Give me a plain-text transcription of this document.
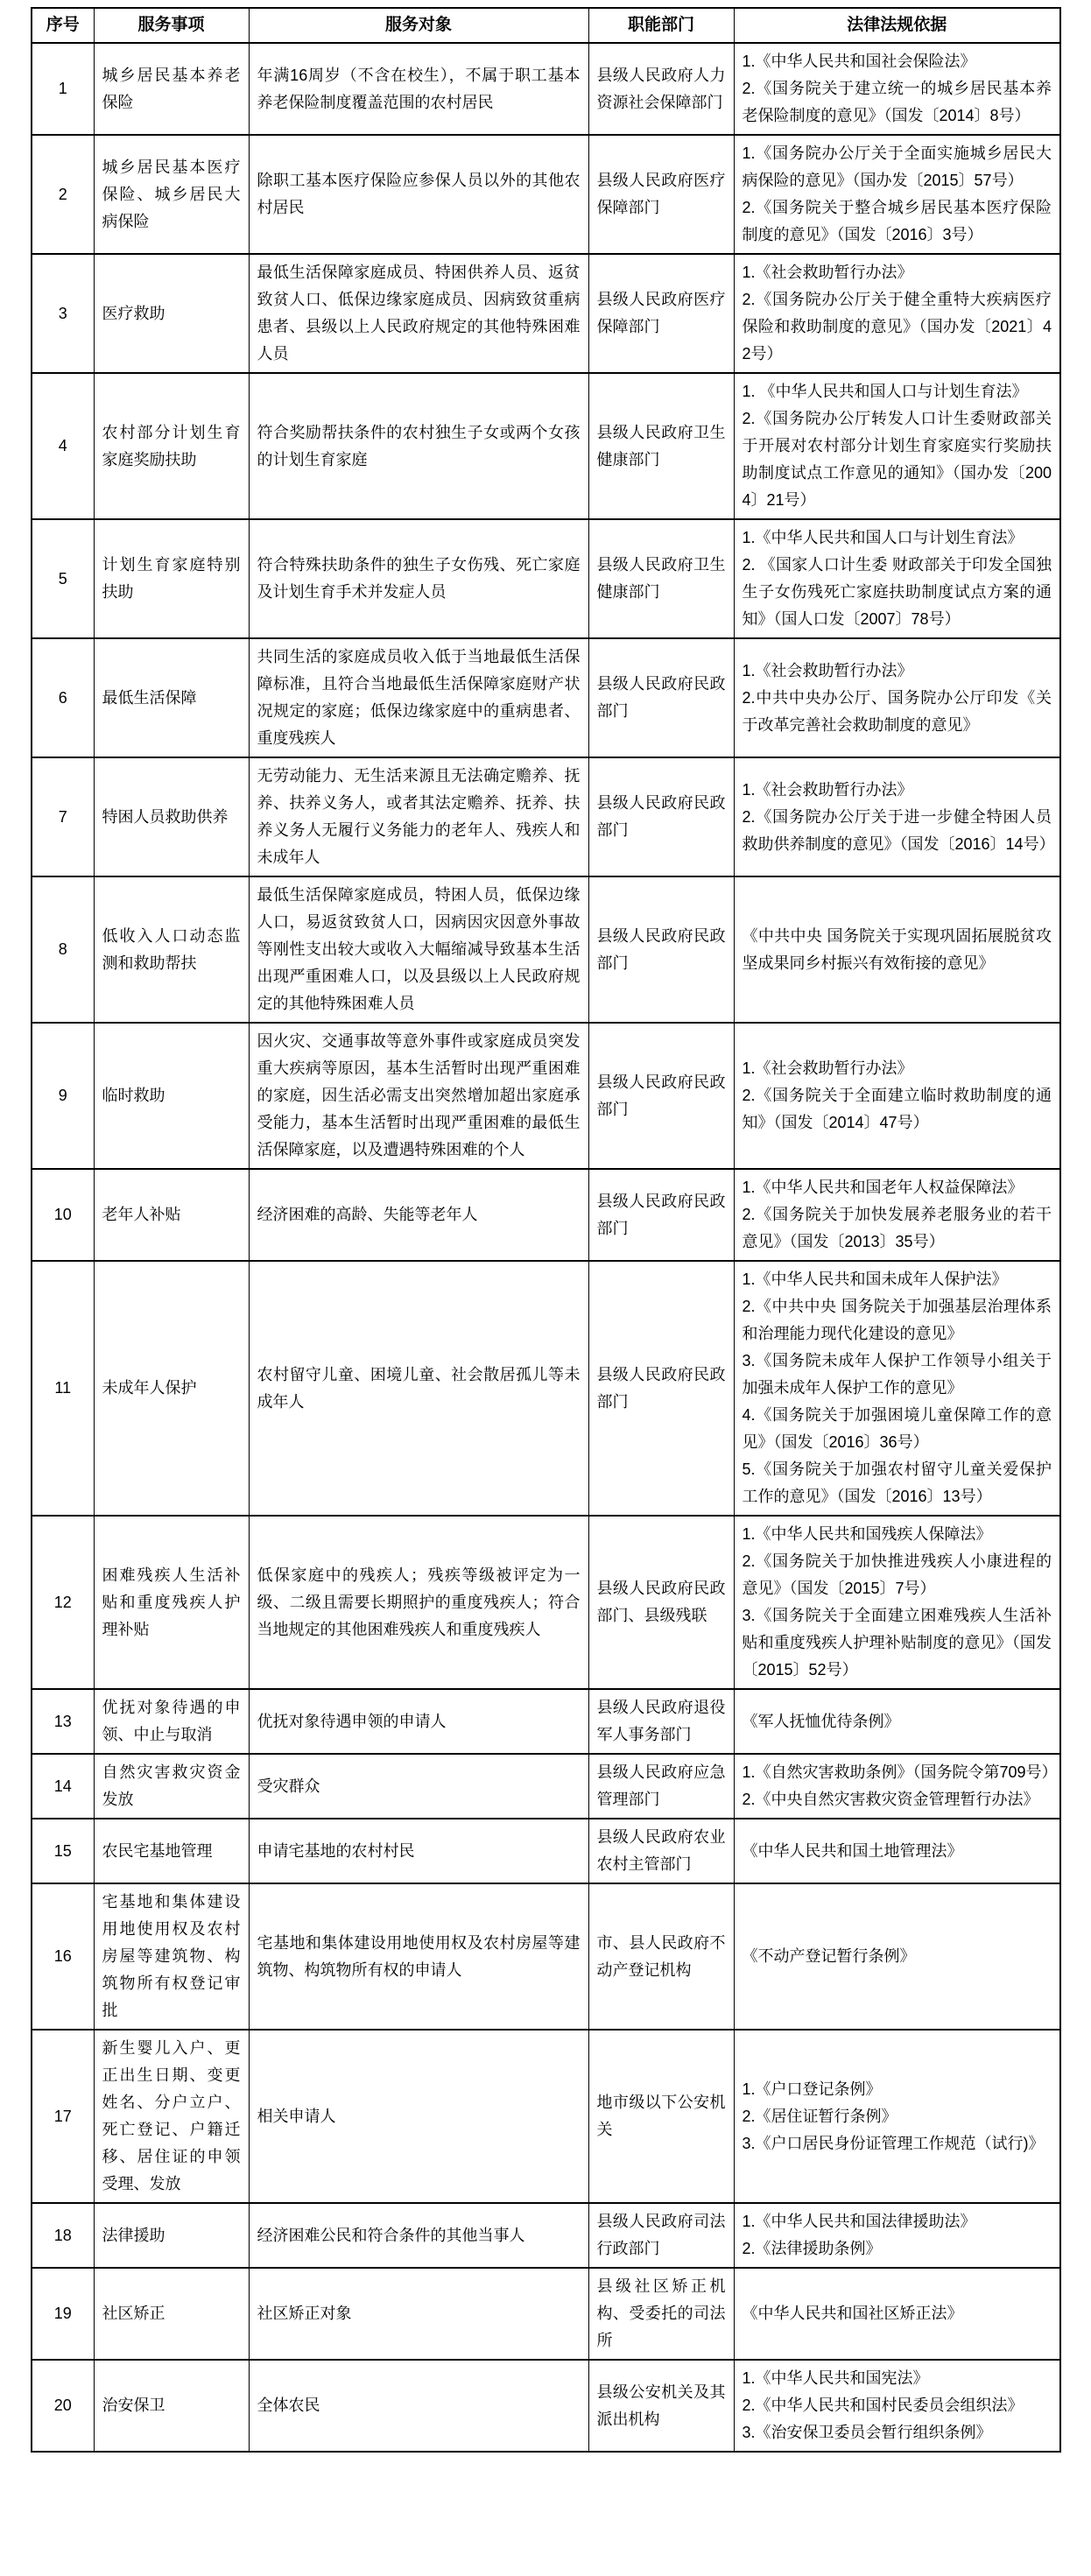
序号	服务事项	服务对象	职能部门	法律法规依据
1	城乡居民基本养老保险	年满16周岁（不含在校生），不属于职工基本养老保险制度覆盖范围的农村居民	县级人民政府人力资源社会保障部门	1.《中华人民共和国社会保险法》

2.《国务院关于建立统一的城乡居民基本养老保险制度的意见》（国发〔2014〕8号）

2	城乡居民基本医疗保险、城乡居民大病保险	除职工基本医疗保险应参保人员以外的其他农村居民	县级人民政府医疗保障部门	1.《国务院办公厅关于全面实施城乡居民大病保险的意见》（国办发〔2015〕57号）

2.《国务院关于整合城乡居民基本医疗保险制度的意见》（国发〔2016〕3号）

3	医疗救助	最低生活保障家庭成员、特困供养人员、返贫致贫人口、低保边缘家庭成员、因病致贫重病患者、县级以上人民政府规定的其他特殊困难人员	县级人民政府医疗保障部门	1.《社会救助暂行办法》

2.《国务院办公厅关于健全重特大疾病医疗保险和救助制度的意见》（国办发〔2021〕42号）

4	农村部分计划生育家庭奖励扶助	符合奖励帮扶条件的农村独生子女或两个女孩的计划生育家庭	县级人民政府卫生健康部门	1. 《中华人民共和国人口与计划生育法》

2.《国务院办公厅转发人口计生委财政部关于开展对农村部分计划生育家庭实行奖励扶助制度试点工作意见的通知》（国办发〔2004〕21号）

5	计划生育家庭特别扶助	符合特殊扶助条件的独生子女伤残、死亡家庭及计划生育手术并发症人员	县级人民政府卫生健康部门	1.《中华人民共和国人口与计划生育法》

2. 《国家人口计生委 财政部关于印发全国独生子女伤残死亡家庭扶助制度试点方案的通知》（国人口发〔2007〕78号）

6	最低生活保障	共同生活的家庭成员收入低于当地最低生活保障标准，且符合当地最低生活保障家庭财产状况规定的家庭；低保边缘家庭中的重病患者、重度残疾人	县级人民政府民政部门	1.《社会救助暂行办法》

2.中共中央办公厅、国务院办公厅印发《关于改革完善社会救助制度的意见》

7	特困人员救助供养	无劳动能力、无生活来源且无法确定赡养、抚养、扶养义务人，或者其法定赡养、抚养、扶养义务人无履行义务能力的老年人、残疾人和未成年人	县级人民政府民政部门	1.《社会救助暂行办法》

2.《国务院办公厅关于进一步健全特困人员救助供养制度的意见》（国发〔2016〕14号）

8	低收入人口动态监测和救助帮扶	最低生活保障家庭成员，特困人员，低保边缘人口，易返贫致贫人口，因病因灾因意外事故等刚性支出较大或收入大幅缩减导致基本生活出现严重困难人口，以及县级以上人民政府规定的其他特殊困难人员	县级人民政府民政部门	《中共中央 国务院关于实现巩固拓展脱贫攻坚成果同乡村振兴有效衔接的意见》

9	临时救助	因火灾、交通事故等意外事件或家庭成员突发重大疾病等原因，基本生活暂时出现严重困难的家庭，因生活必需支出突然增加超出家庭承受能力，基本生活暂时出现严重困难的最低生活保障家庭，以及遭遇特殊困难的个人	县级人民政府民政部门	1.《社会救助暂行办法》

2.《国务院关于全面建立临时救助制度的通知》（国发〔2014〕47号）

10	老年人补贴	经济困难的高龄、失能等老年人	县级人民政府民政部门	1.《中华人民共和国老年人权益保障法》

2.《国务院关于加快发展养老服务业的若干意见》（国发〔2013〕35号）

11	未成年人保护	农村留守儿童、困境儿童、社会散居孤儿等未成年人	县级人民政府民政部门	1.《中华人民共和国未成年人保护法》

2.《中共中央 国务院关于加强基层治理体系和治理能力现代化建设的意见》

3.《国务院未成年人保护工作领导小组关于加强未成年人保护工作的意见》

4.《国务院关于加强困境儿童保障工作的意见》（国发〔2016〕36号）

5.《国务院关于加强农村留守儿童关爱保护工作的意见》（国发〔2016〕13号）

12	困难残疾人生活补贴和重度残疾人护理补贴	低保家庭中的残疾人；残疾等级被评定为一级、二级且需要长期照护的重度残疾人；符合当地规定的其他困难残疾人和重度残疾人	县级人民政府民政部门、县级残联	1.《中华人民共和国残疾人保障法》

2.《国务院关于加快推进残疾人小康进程的意见》（国发〔2015〕7号）

3.《国务院关于全面建立困难残疾人生活补贴和重度残疾人护理补贴制度的意见》（国发〔2015〕52号）

13	优抚对象待遇的申领、中止与取消	优抚对象待遇申领的申请人	县级人民政府退役军人事务部门	《军人抚恤优待条例》

14	自然灾害救灾资金发放	受灾群众	县级人民政府应急管理部门	1.《自然灾害救助条例》（国务院令第709号）

2.《中央自然灾害救灾资金管理暂行办法》

15	农民宅基地管理	申请宅基地的农村村民	县级人民政府农业农村主管部门	《中华人民共和国土地管理法》

16	宅基地和集体建设用地使用权及农村房屋等建筑物、构筑物所有权登记审批	宅基地和集体建设用地使用权及农村房屋等建筑物、构筑物所有权的申请人	市、县人民政府不动产登记机构	《不动产登记暂行条例》

17	新生婴儿入户、更正出生日期、变更姓名、分户立户、死亡登记、户籍迁移、居住证的申领受理、发放	相关申请人	地市级以下公安机关	1.《户口登记条例》

2.《居住证暂行条例》

3.《户口居民身份证管理工作规范（试行)》

18	法律援助	经济困难公民和符合条件的其他当事人	县级人民政府司法行政部门	1.《中华人民共和国法律援助法》

2.《法律援助条例》

19	社区矫正	社区矫正对象	县级社区矫正机构、受委托的司法所	《中华人民共和国社区矫正法》

20	治安保卫	全体农民	县级公安机关及其派出机构	1.《中华人民共和国宪法》

2.《中华人民共和国村民委员会组织法》

3.《治安保卫委员会暂行组织条例》
